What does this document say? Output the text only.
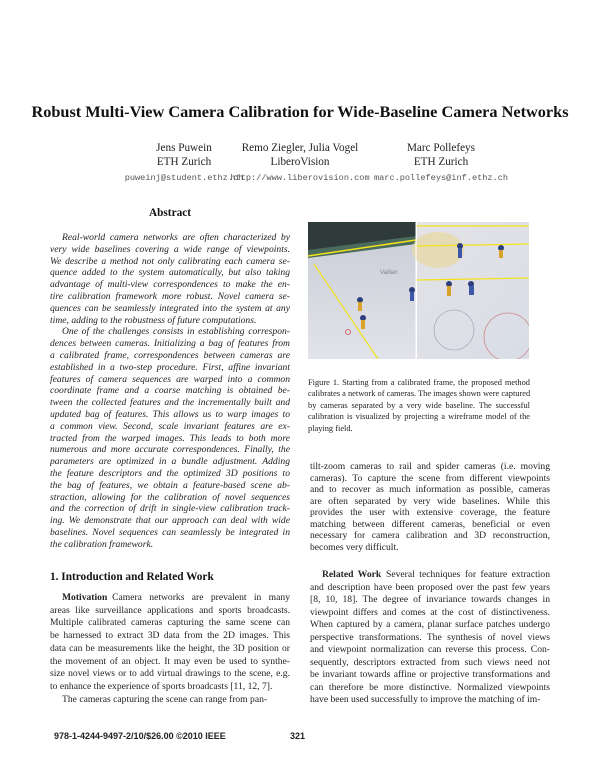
Robust Multi-View Camera Calibration for Wide-Baseline Camera Networks
Jens Puwein
ETH Zurich
puweinj@student.ethz.ch
Remo Ziegler, Julia Vogel
LiberoVision
http://www.liberovision.com
Marc Pollefeys
ETH Zurich
marc.pollefeys@inf.ethz.ch
Abstract
Real-world camera networks are often characterized by
very wide baselines covering a wide range of viewpoints.
We describe a method not only calibrating each camera se-
quence added to the system automatically, but also taking
advantage of multi-view correspondences to make the en-
tire calibration framework more robust. Novel camera se-
quences can be seamlessly integrated into the system at any
time, adding to the robustness of future computations.
One of the challenges consists in establishing correspon-
dences between cameras. Initializing a bag of features from
a calibrated frame, correspondences between cameras are
established in a two-step procedure. First, affine invariant
features of camera sequences are warped into a common
coordinate frame and a coarse matching is obtained be-
tween the collected features and the incrementally built and
updated bag of features. This allows us to warp images to
a common view. Second, scale invariant features are ex-
tracted from the warped images. This leads to both more
numerous and more accurate correspondences. Finally, the
parameters are optimized in a bundle adjustment. Adding
the feature descriptors and the optimized 3D positions to
the bag of features, we obtain a feature-based scene ab-
straction, allowing for the calibration of novel sequences
and the correction of drift in single-view calibration track-
ing. We demonstrate that our approach can deal with wide
baselines. Novel sequences can seamlessly be integrated in
the calibration framework.
1. Introduction and Related Work
Motivation Camera networks are prevalent in many
areas like surveillance applications and sports broadcasts.
Multiple calibrated cameras capturing the same scene can
be harnessed to extract 3D data from the 2D images. This
data can be measurements like the height, the 3D position or
the movement of an object. It may even be used to synthe-
size novel views or to add virtual drawings to the scene, e.g.
to enhance the experience of sports broadcasts [11, 12, 7].
The cameras capturing the scene can range from pan-
Vaillan
Figure 1. Starting from a calibrated frame, the proposed method
calibrates a network of cameras. The images shown were captured
by cameras separated by a very wide baseline. The successful
calibration is visualized by projecting a wireframe model of the
playing field.
tilt-zoom cameras to rail and spider cameras (i.e. moving
cameras). To capture the scene from different viewpoints
and to recover as much information as possible, cameras
are often separated by very wide baselines. While this
provides the user with extensive coverage, the feature
matching between different cameras, beneficial or even
necessary for camera calibration and 3D reconstruction,
becomes very difficult.
Related Work Several techniques for feature extraction
and description have been proposed over the past few years
[8, 10, 18]. The degree of invariance towards changes in
viewpoint differs and comes at the cost of distinctiveness.
When captured by a camera, planar surface patches undergo
perspective transformations. The synthesis of novel views
and viewpoint normalization can reverse this process. Con-
sequently, descriptors extracted from such views need not
be invariant towards affine or projective transformations and
can therefore be more distinctive. Normalized viewpoints
have been used successfully to improve the matching of im-
978-1-4244-9497-2/10/$26.00 ©2010 IEEE	321
